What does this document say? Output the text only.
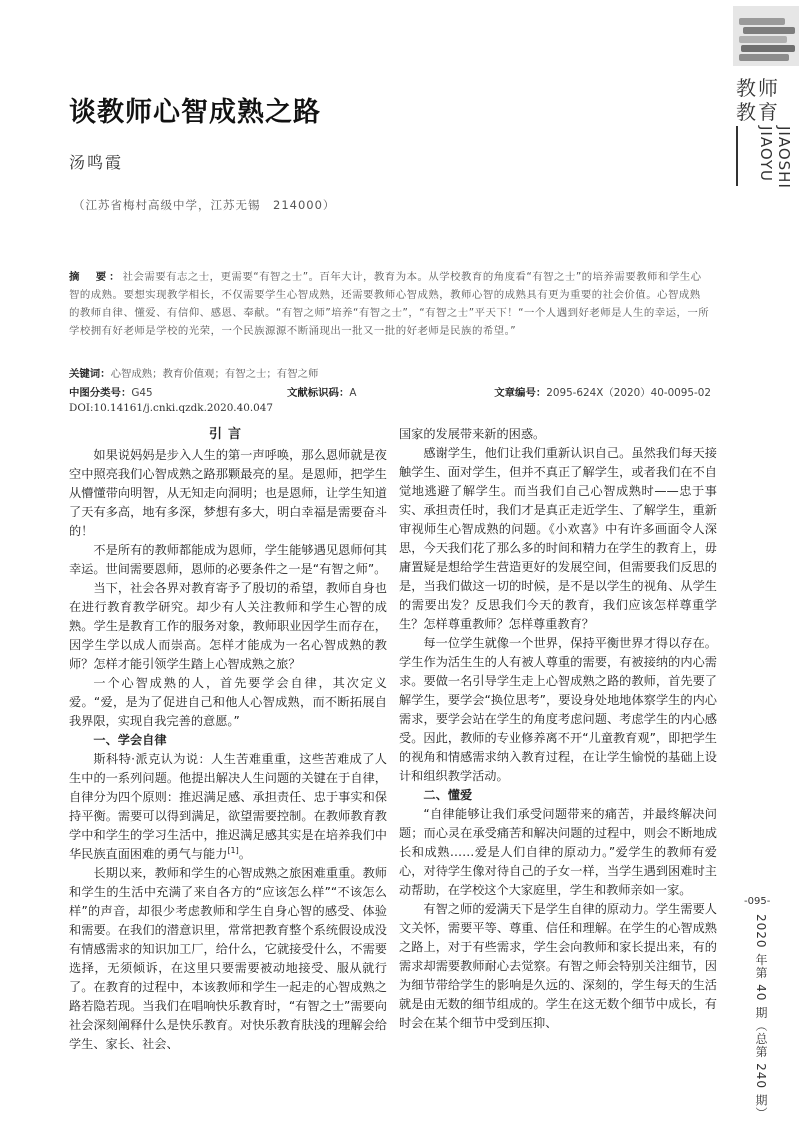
教师
教育
JIAOSHI
JIAOYU
-095-
2020 年第 40 期（总第 240 期）
谈教师心智成熟之路
汤鸣霞
（江苏省梅村高级中学，江苏无锡　214000）
摘　要：社会需要有志之士，更需要“有智之士”。百年大计，教育为本。从学校教育的角度看“有智之士”的培养需要教师和学生心智的成熟。要想实现教学相长，不仅需要学生心智成熟，还需要教师心智成熟，教师心智的成熟具有更为重要的社会价值。心智成熟的教师自律、懂爱、有信仰、感恩、奉献。“有智之师”培养“有智之士”，“有智之士”平天下！“一个人遇到好老师是人生的幸运，一所学校拥有好老师是学校的光荣，一个民族源源不断涌现出一批又一批的好老师是民族的希望。”
关键词：心智成熟；教育价值观；有智之士；有智之师
中图分类号：G45	文献标识码：A	文章编号：2095-624X（2020）40-0095-02
DOI:10.14161/j.cnki.qzdk.2020.40.047
引言

如果说妈妈是步入人生的第一声呼唤，那么恩师就是夜空中照亮我们心智成熟之路那颗最亮的星。是恩师，把学生从懵懂带向明智，从无知走向洞明；也是恩师，让学生知道了天有多高，地有多深，梦想有多大，明白幸福是需要奋斗的！

不是所有的教师都能成为恩师，学生能够遇见恩师何其幸运。世间需要恩师，恩师的必要条件之一是“有智之师”。

当下，社会各界对教育寄予了殷切的希望，教师自身也在进行教育教学研究。却少有人关注教师和学生心智的成熟。学生是教育工作的服务对象，教师职业因学生而存在，因学生学以成人而崇高。怎样才能成为一名心智成熟的教师？怎样才能引领学生踏上心智成熟之旅？

一个心智成熟的人，首先要学会自律，其次定义爱。“爱，是为了促进自己和他人心智成熟，而不断拓展自我界限，实现自我完善的意愿。”

一、学会自律

斯科特·派克认为说：人生苦难重重，这些苦难成了人生中的一系列问题。他提出解决人生问题的关键在于自律，自律分为四个原则：推迟满足感、承担责任、忠于事实和保持平衡。需要可以得到满足，欲望需要控制。在教师教育教学中和学生的学习生活中，推迟满足感其实是在培养我们中华民族直面困难的勇气与能力[1]。

长期以来，教师和学生的心智成熟之旅困难重重。教师和学生的生活中充满了来自各方的“应该怎么样”“不该怎么样”的声音，却很少考虑教师和学生自身心智的感受、体验和需要。在我们的潜意识里，常常把教育整个系统假设成没有情感需求的知识加工厂，给什么，它就接受什么，不需要选择，无须倾诉，在这里只要需要被动地接受、服从就行了。在教育的过程中，本该教师和学生一起走的心智成熟之路若隐若现。当我们在唱响快乐教育时，“有智之士”需要向社会深刻阐释什么是快乐教育。对快乐教育肤浅的理解会给学生、家长、社会、

国家的发展带来新的困惑。

感谢学生，他们让我们重新认识自己。虽然我们每天接触学生、面对学生，但并不真正了解学生，或者我们在不自觉地逃避了解学生。而当我们自己心智成熟时——忠于事实、承担责任时，我们才是真正走近学生、了解学生，重新审视师生心智成熟的问题。《小欢喜》中有许多画面令人深思，今天我们花了那么多的时间和精力在学生的教育上，毋庸置疑是想给学生营造更好的发展空间，但需要我们反思的是，当我们做这一切的时候，是不是以学生的视角、从学生的需要出发？反思我们今天的教育，我们应该怎样尊重学生？怎样尊重教师？怎样尊重教育？

每一位学生就像一个世界，保持平衡世界才得以存在。学生作为活生生的人有被人尊重的需要，有被接纳的内心需求。要做一名引导学生走上心智成熟之路的教师，首先要了解学生，要学会“换位思考”，要设身处地地体察学生的内心需求，要学会站在学生的角度考虑问题、考虑学生的内心感受。因此，教师的专业修养离不开“儿童教育观”，即把学生的视角和情感需求纳入教育过程，在让学生愉悦的基础上设计和组织教学活动。

二、懂爱

“自律能够让我们承受问题带来的痛苦，并最终解决问题；而心灵在承受痛苦和解决问题的过程中，则会不断地成长和成熟……爱是人们自律的原动力。”爱学生的教师有爱心，对待学生像对待自己的子女一样，当学生遇到困难时主动帮助，在学校这个大家庭里，学生和教师亲如一家。

有智之师的爱满天下是学生自律的原动力。学生需要人文关怀，需要平等、尊重、信任和理解。在学生的心智成熟之路上，对于有些需求，学生会向教师和家长提出来，有的需求却需要教师耐心去觉察。有智之师会特别关注细节，因为细节带给学生的影响是久远的、深刻的，学生每天的生活就是由无数的细节组成的。学生在这无数个细节中成长，有时会在某个细节中受到压抑、
